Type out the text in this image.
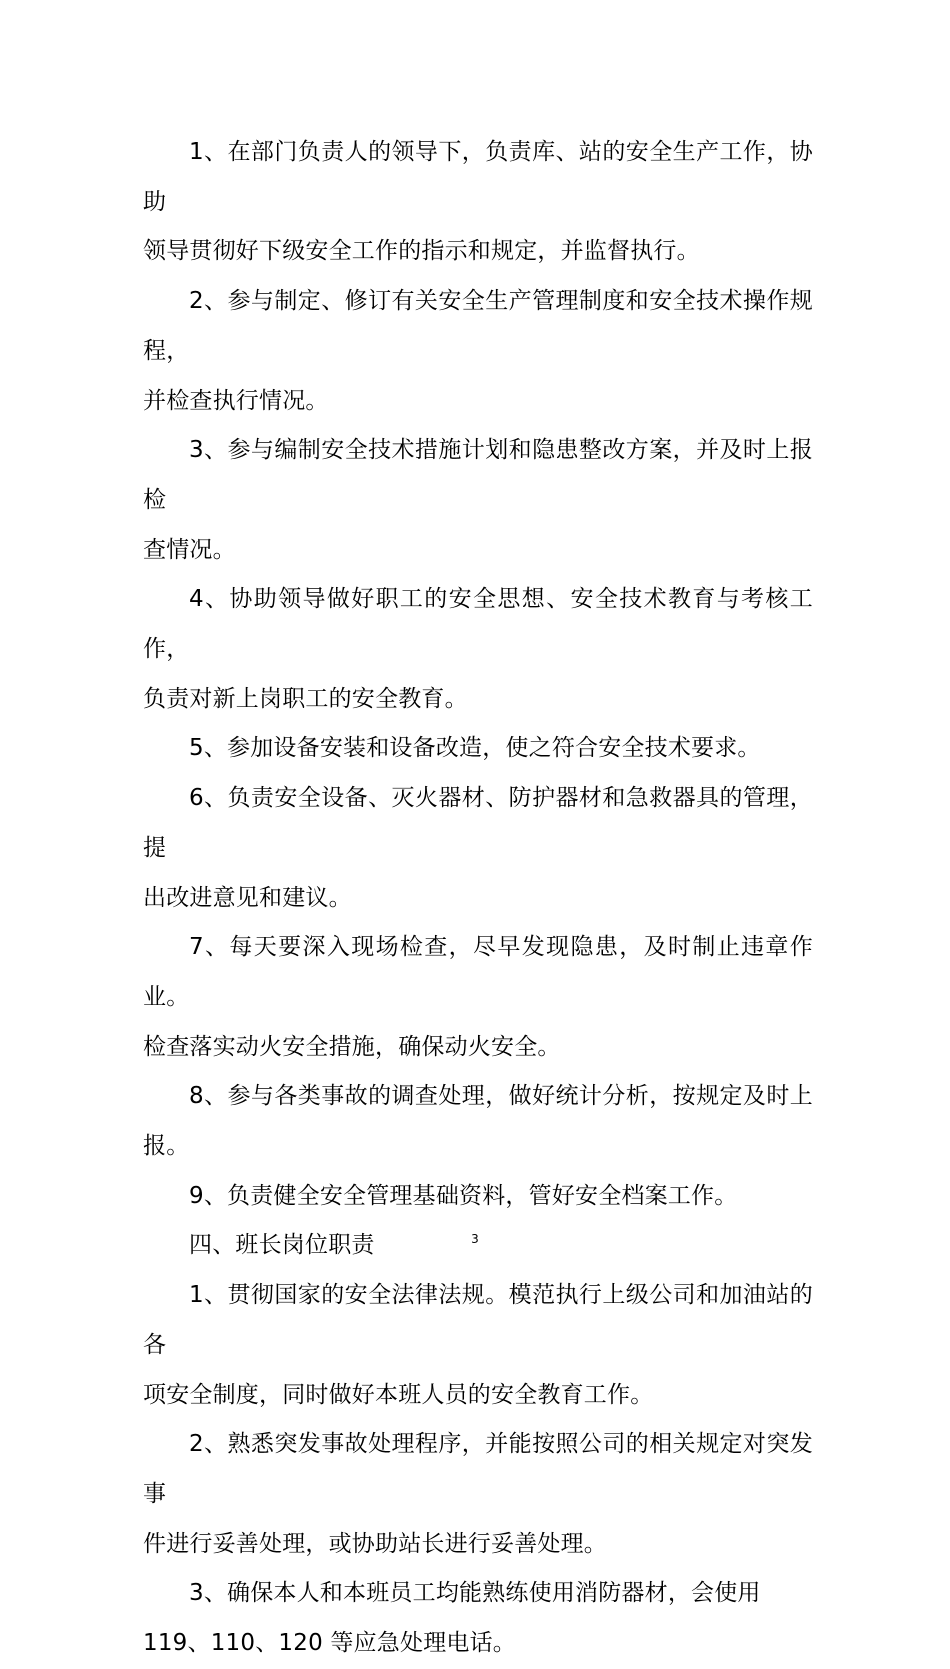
1、在部门负责人的领导下，负责库、站的安全生产工作，协助
领导贯彻好下级安全工作的指示和规定，并监督执行。

2、参与制定、修订有关安全生产管理制度和安全技术操作规程，
并检查执行情况。

3、参与编制安全技术措施计划和隐患整改方案，并及时上报检
查情况。

4、协助领导做好职工的安全思想、安全技术教育与考核工作，
负责对新上岗职工的安全教育。

5、参加设备安装和设备改造，使之符合安全技术要求。

6、负责安全设备、灭火器材、防护器材和急救器具的管理，提
出改进意见和建议。

7、每天要深入现场检查，尽早发现隐患，及时制止违章作业。
检查落实动火安全措施，确保动火安全。

8、参与各类事故的调查处理，做好统计分析，按规定及时上报。

9、负责健全安全管理基础资料，管好安全档案工作。

四、班长岗位职责

1、贯彻国家的安全法律法规。模范执行上级公司和加油站的各
项安全制度，同时做好本班人员的安全教育工作。

2、熟悉突发事故处理程序，并能按照公司的相关规定对突发事
件进行妥善处理，或协助站长进行妥善处理。

3、确保本人和本班员工均能熟练使用消防器材，会使用
119、110、120 等应急处理电话。

3
